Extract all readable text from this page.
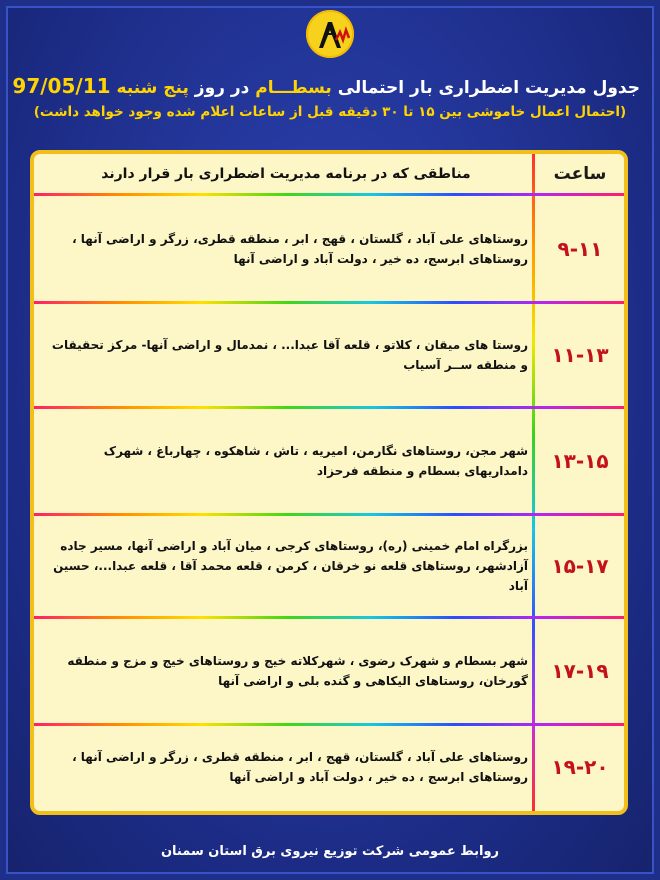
جدول مدیریت اضطراری بار احتمالی بسطـــام در روز پنج شنبه 97/05/11
(احتمال اعمال خاموشی بین ۱۵ تا ۳۰ دقیقه قبل از ساعات اعلام شده وجود خواهد داشت)
ساعت
مناطقی که در برنامه مدیریت اضطراری بار قرار دارند
۹-۱۱
روستاهای علی آباد ، گلستان ، قهج ، ابر ، منطقه قطری، زرگر و اراضی آنها ، روستاهای ابرسج، ده خیر ، دولت آباد و اراضی آنها
۱۱-۱۳
روستا های میقان ، کلاتو ، قلعه آقا عبدا... ، نمدمال و اراضی آنها- مرکز تحقیقات و منطقه ســر آسیاب
۱۳-۱۵
شهر مجن، روستاهای نگارمن، امیریه ، تاش ، شاهکوه ، چهارباغ ، شهرک دامداریهای بسطام و منطقه فرحزاد
۱۵-۱۷
بزرگراه امام خمینی (ره)، روستاهای کرجی ، میان آباد و اراضی آنها، مسیر جاده آزادشهر، روستاهای قلعه نو خرقان ، کرمن ، قلعه محمد آقا ، قلعه عبدا...، حسین آباد
۱۷-۱۹
شهر بسطام و شهرک رضوی ، شهرکلاته خیج و روستاهای خیج و مزج و منطقه گورخان، روستاهای الیکاهی و گنده بلی و اراضی آنها
۱۹-۲۰
روستاهای علی آباد ، گلستان، قهج ، ابر ، منطقه قطری ، زرگر و اراضی آنها ، روستاهای ابرسج ، ده خیر ، دولت آباد و اراضی آنها
روابط عمومی شرکت توزیع نیروی برق استان سمنان
